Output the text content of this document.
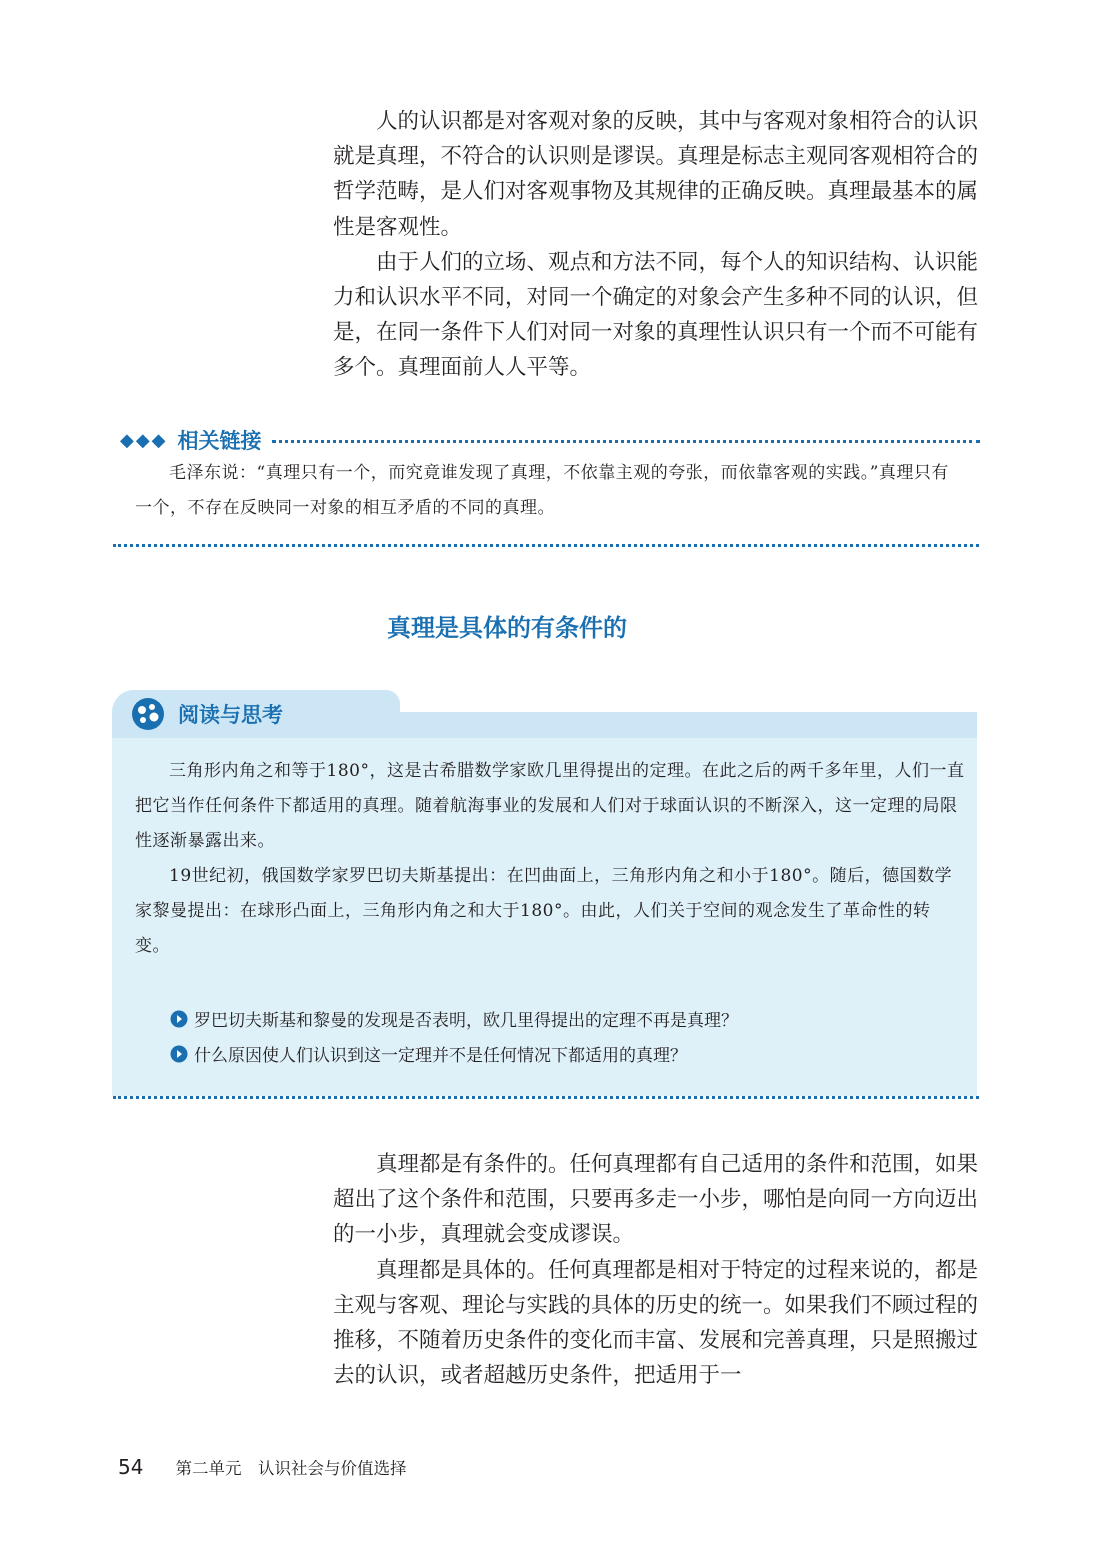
人的认识都是对客观对象的反映，其中与客观对象相符合的认识就是真理，不符合的认识则是谬误。真理是标志主观同客观相符合的哲学范畴，是人们对客观事物及其规律的正确反映。真理最基本的属性是客观性。

由于人们的立场、观点和方法不同，每个人的知识结构、认识能力和认识水平不同，对同一个确定的对象会产生多种不同的认识，但是，在同一条件下人们对同一对象的真理性认识只有一个而不可能有多个。真理面前人人平等。

◆◆◆ 相关链接

毛泽东说：“真理只有一个，而究竟谁发现了真理，不依靠主观的夸张，而依靠客观的实践。”真理只有一个，不存在反映同一对象的相互矛盾的不同的真理。

真理是具体的有条件的
阅读与思考

三角形内角之和等于180°，这是古希腊数学家欧几里得提出的定理。在此之后的两千多年里，人们一直把它当作任何条件下都适用的真理。随着航海事业的发展和人们对于球面认识的不断深入，这一定理的局限性逐渐暴露出来。

19世纪初，俄国数学家罗巴切夫斯基提出：在凹曲面上，三角形内角之和小于180°。随后，德国数学家黎曼提出：在球形凸面上，三角形内角之和大于180°。由此，人们关于空间的观念发生了革命性的转变。

罗巴切夫斯基和黎曼的发现是否表明，欧几里得提出的定理不再是真理？
什么原因使人们认识到这一定理并不是任何情况下都适用的真理？

真理都是有条件的。任何真理都有自己适用的条件和范围，如果超出了这个条件和范围，只要再多走一小步，哪怕是向同一方向迈出的一小步，真理就会变成谬误。

真理都是具体的。任何真理都是相对于特定的过程来说的，都是主观与客观、理论与实践的具体的历史的统一。如果我们不顾过程的推移，不随着历史条件的变化而丰富、发展和完善真理，只是照搬过去的认识，或者超越历史条件，把适用于一

54 第二单元　认识社会与价值选择
